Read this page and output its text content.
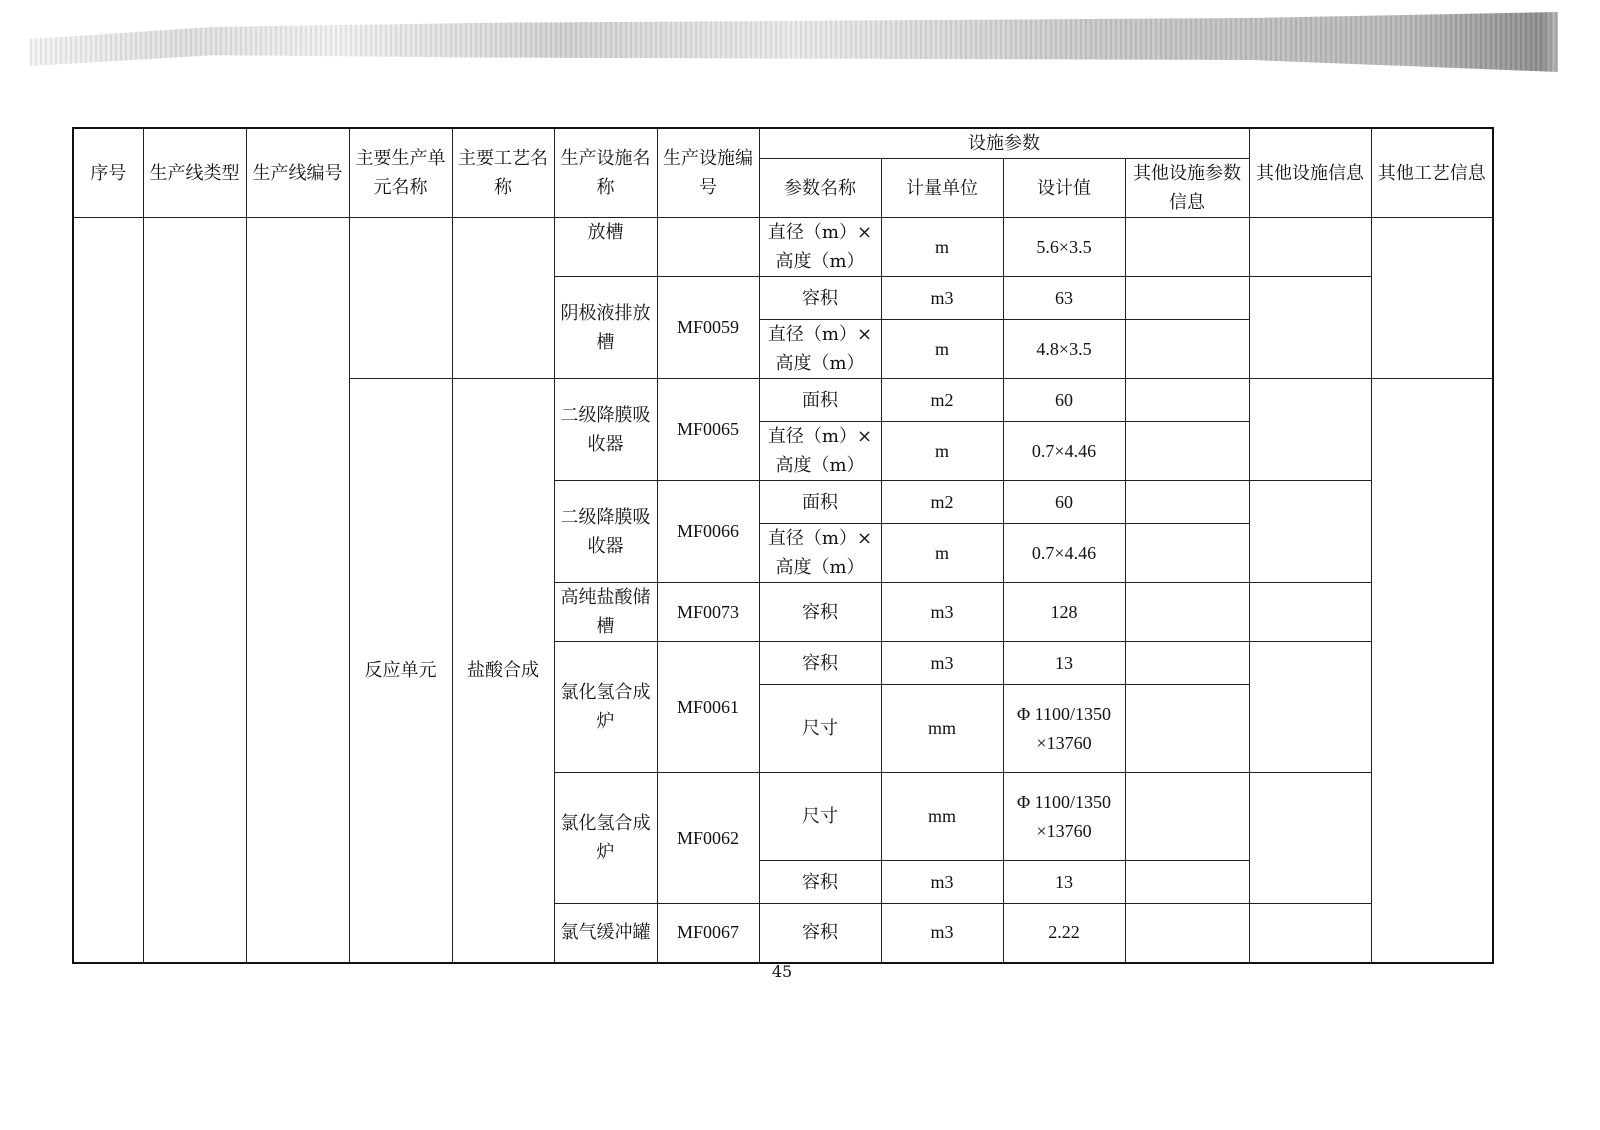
序号	生产线类型	生产线编号	主要生产单元名称	主要工艺名称	生产设施名称	生产设施编号	设施参数				其他设施信息	其他工艺信息
							参数名称	计量单位	设计值	其他设施参数信息		
					放槽		直径（m）×高度（m）	m	5.6×3.5			
					阴极液排放槽	MF0059	容积	m3	63			
							直径（m）×高度（m）	m	4.8×3.5			
			反应单元	盐酸合成	二级降膜吸收器	MF0065	面积	m2	60			
							直径（m）×高度（m）	m	0.7×4.46			
					二级降膜吸收器	MF0066	面积	m2	60			
							直径（m）×高度（m）	m	0.7×4.46			
					高纯盐酸储槽	MF0073	容积	m3	128			
					氯化氢合成炉	MF0061	容积	m3	13			
							尺寸	mm	Φ 1100/1350 ×13760			
					氯化氢合成炉	MF0062	尺寸	mm	Φ 1100/1350 ×13760			
							容积	m3	13			
					氯气缓冲罐	MF0067	容积	m3	2.22			
45
